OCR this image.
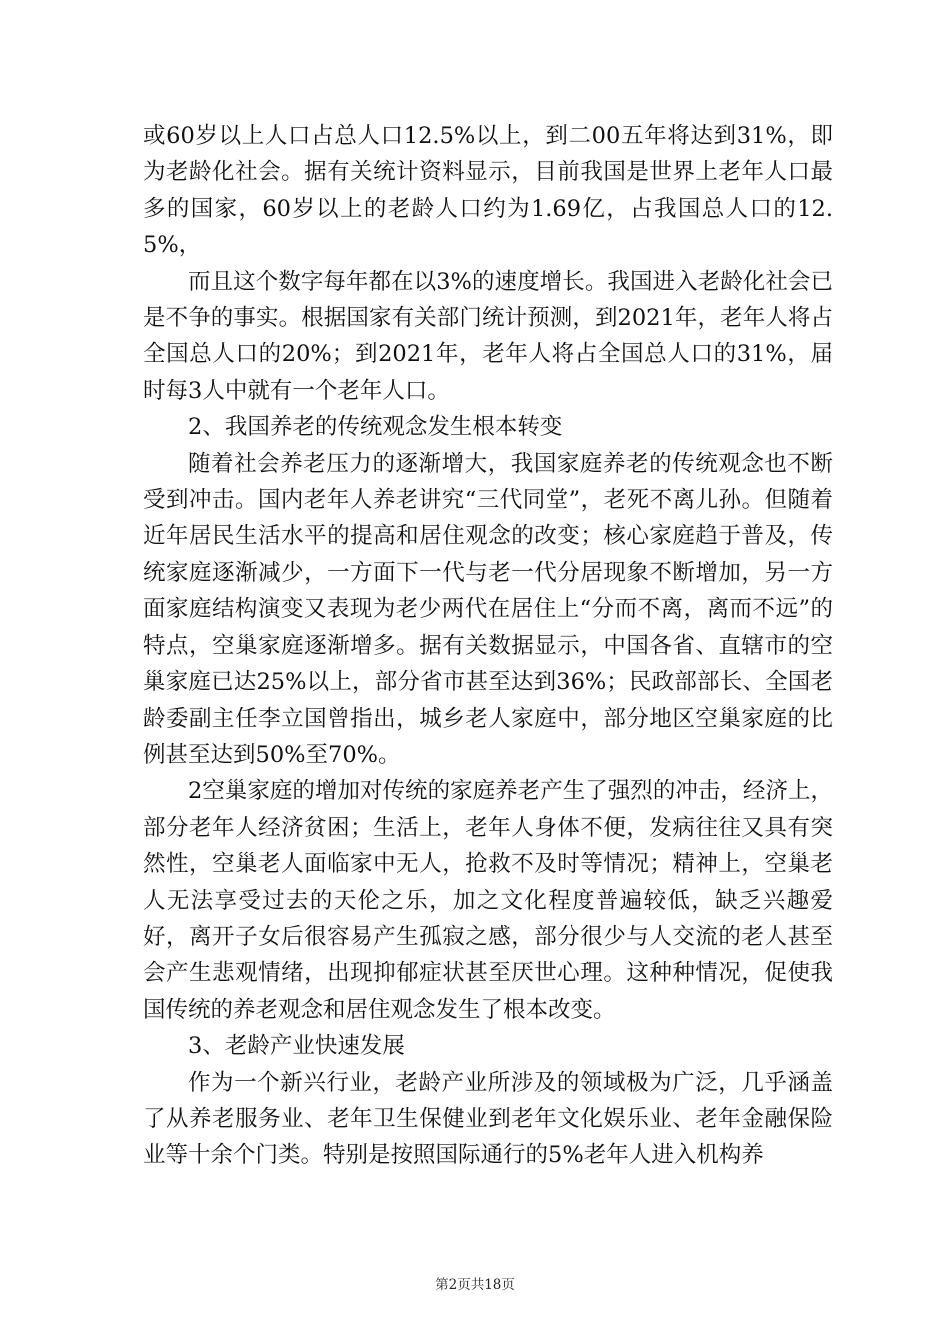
或60岁以上人口占总人口12.5%以上，到二00五年将达到31%，即为老龄化社会。据有关统计资料显示，目前我国是世界上老年人口最多的国家，60岁以上的老龄人口约为1.69亿，占我国总人口的12.5%，

而且这个数字每年都在以3%的速度增长。我国进入老龄化社会已是不争的事实。根据国家有关部门统计预测，到2021年，老年人将占全国总人口的20%；到2021年，老年人将占全国总人口的31%，届时每3人中就有一个老年人口。

2、我国养老的传统观念发生根本转变

随着社会养老压力的逐渐增大，我国家庭养老的传统观念也不断受到冲击。国内老年人养老讲究“三代同堂”，老死不离儿孙。但随着近年居民生活水平的提高和居住观念的改变；核心家庭趋于普及，传统家庭逐渐减少，一方面下一代与老一代分居现象不断增加，另一方面家庭结构演变又表现为老少两代在居住上“分而不离，离而不远”的特点，空巢家庭逐渐增多。据有关数据显示，中国各省、直辖市的空巢家庭已达25%以上，部分省市甚至达到36%；民政部部长、全国老龄委副主任李立国曾指出，城乡老人家庭中，部分地区空巢家庭的比例甚至达到50%至70%。

2空巢家庭的增加对传统的家庭养老产生了强烈的冲击，经济上，部分老年人经济贫困；生活上，老年人身体不便，发病往往又具有突然性，空巢老人面临家中无人，抢救不及时等情况；精神上，空巢老人无法享受过去的天伦之乐，加之文化程度普遍较低，缺乏兴趣爱好，离开子女后很容易产生孤寂之感，部分很少与人交流的老人甚至会产生悲观情绪，出现抑郁症状甚至厌世心理。这种种情况，促使我国传统的养老观念和居住观念发生了根本改变。

3、老龄产业快速发展

作为一个新兴行业，老龄产业所涉及的领域极为广泛，几乎涵盖了从养老服务业、老年卫生保健业到老年文化娱乐业、老年金融保险业等十余个门类。特别是按照国际通行的5%老年人进入机构养

第2页共18页
